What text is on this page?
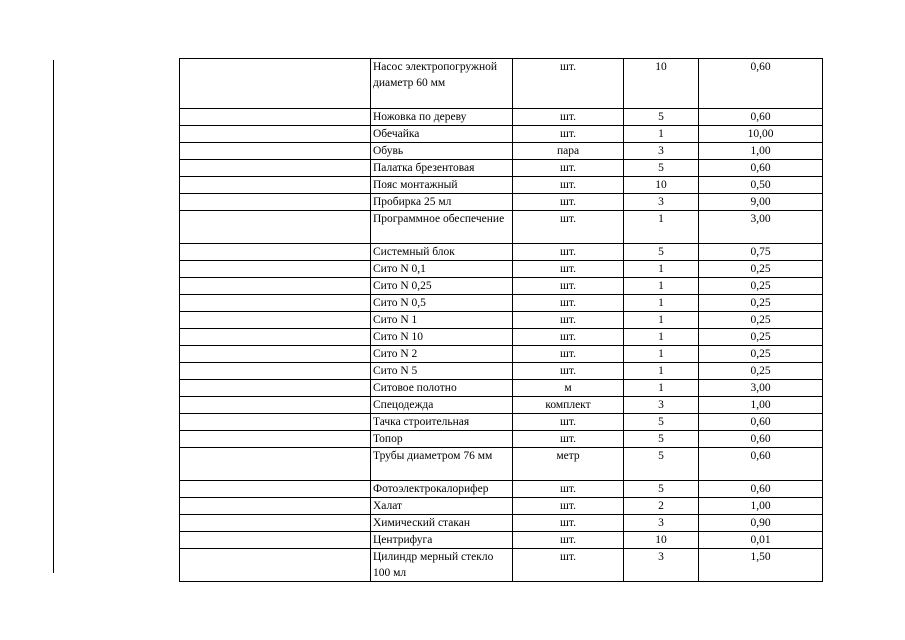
	Насос электропогружной диаметр 60 мм	шт.	10	0,60
	Ножовка по дереву	шт.	5	0,60
	Обечайка	шт.	1	10,00
	Обувь	пара	3	1,00
	Палатка брезентовая	шт.	5	0,60
	Пояс монтажный	шт.	10	0,50
	Пробирка 25 мл	шт.	3	9,00
	Программное обеспечение	шт.	1	3,00
	Системный блок	шт.	5	0,75
	Сито N 0,1	шт.	1	0,25
	Сито N 0,25	шт.	1	0,25
	Сито N 0,5	шт.	1	0,25
	Сито N 1	шт.	1	0,25
	Сито N 10	шт.	1	0,25
	Сито N 2	шт.	1	0,25
	Сито N 5	шт.	1	0,25
	Ситовое полотно	м	1	3,00
	Спецодежда	комплект	3	1,00
	Тачка строительная	шт.	5	0,60
	Топор	шт.	5	0,60
	Трубы диаметром 76 мм	метр	5	0,60
	Фотоэлектрокалорифер	шт.	5	0,60
	Халат	шт.	2	1,00
	Химический стакан	шт.	3	0,90
	Центрифуга	шт.	10	0,01
	Цилиндр мерный стекло 100 мл	шт.	3	1,50
